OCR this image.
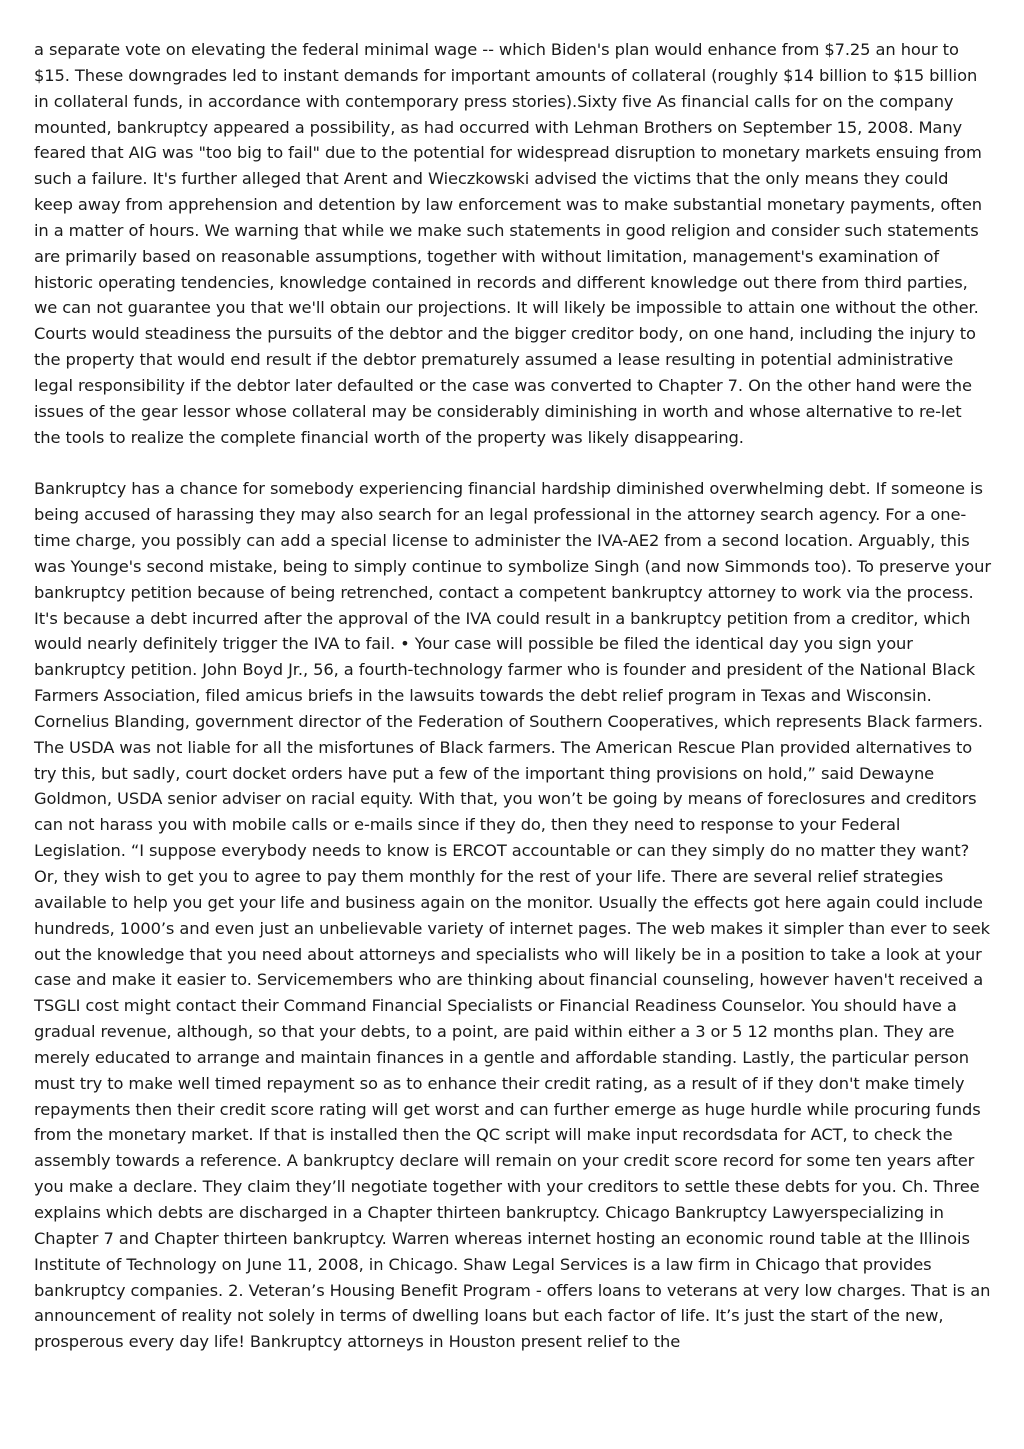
a separate vote on elevating the federal minimal wage -- which Biden's plan would enhance from $7.25 an hour to $15. These downgrades led to instant demands for important amounts of collateral (roughly $14 billion to $15 billion in collateral funds, in accordance with contemporary press stories).Sixty five As financial calls for on the company mounted, bankruptcy appeared a possibility, as had occurred with Lehman Brothers on September 15, 2008. Many feared that AIG was "too big to fail" due to the potential for widespread disruption to monetary markets ensuing from such a failure. It's further alleged that Arent and Wieczkowski advised the victims that the only means they could keep away from apprehension and detention by law enforcement was to make substantial monetary payments, often in a matter of hours. We warning that while we make such statements in good religion and consider such statements are primarily based on reasonable assumptions, together with without limitation, management's examination of historic operating tendencies, knowledge contained in records and different knowledge out there from third parties, we can not guarantee you that we'll obtain our projections. It will likely be impossible to attain one without the other. Courts would steadiness the pursuits of the debtor and the bigger creditor body, on one hand, including the injury to the property that would end result if the debtor prematurely assumed a lease resulting in potential administrative legal responsibility if the debtor later defaulted or the case was converted to Chapter 7. On the other hand were the issues of the gear lessor whose collateral may be considerably diminishing in worth and whose alternative to re-let the tools to realize the complete financial worth of the property was likely disappearing.

Bankruptcy has a chance for somebody experiencing financial hardship diminished overwhelming debt. If someone is being accused of harassing they may also search for an legal professional in the attorney search agency. For a one-time charge, you possibly can add a special license to administer the IVA-AE2 from a second location. Arguably, this was Younge's second mistake, being to simply continue to symbolize Singh (and now Simmonds too). To preserve your bankruptcy petition because of being retrenched, contact a competent bankruptcy attorney to work via the process. It's because a debt incurred after the approval of the IVA could result in a bankruptcy petition from a creditor, which would nearly definitely trigger the IVA to fail. • Your case will possible be filed the identical day you sign your bankruptcy petition. John Boyd Jr., 56, a fourth-technology farmer who is founder and president of the National Black Farmers Association, filed amicus briefs in the lawsuits towards the debt relief program in Texas and Wisconsin. Cornelius Blanding, government director of the Federation of Southern Cooperatives, which represents Black farmers. The USDA was not liable for all the misfortunes of Black farmers. The American Rescue Plan provided alternatives to try this, but sadly, court docket orders have put a few of the important thing provisions on hold,” said Dewayne Goldmon, USDA senior adviser on racial equity. With that, you won’t be going by means of foreclosures and creditors can not harass you with mobile calls or e-mails since if they do, then they need to response to your Federal Legislation. “I suppose everybody needs to know is ERCOT accountable or can they simply do no matter they want? Or, they wish to get you to agree to pay them monthly for the rest of your life. There are several relief strategies available to help you get your life and business again on the monitor. Usually the effects got here again could include hundreds, 1000’s and even just an unbelievable variety of internet pages. The web makes it simpler than ever to seek out the knowledge that you need about attorneys and specialists who will likely be in a position to take a look at your case and make it easier to. Servicemembers who are thinking about financial counseling, however haven't received a TSGLI cost might contact their Command Financial Specialists or Financial Readiness Counselor. You should have a gradual revenue, although, so that your debts, to a point, are paid within either a 3 or 5 12 months plan. They are merely educated to arrange and maintain finances in a gentle and affordable standing. Lastly, the particular person must try to make well timed repayment so as to enhance their credit rating, as a result of if they don't make timely repayments then their credit score rating will get worst and can further emerge as huge hurdle while procuring funds from the monetary market. If that is installed then the QC script will make input recordsdata for ACT, to check the assembly towards a reference. A bankruptcy declare will remain on your credit score record for some ten years after you make a declare. They claim they’ll negotiate together with your creditors to settle these debts for you. Ch. Three explains which debts are discharged in a Chapter thirteen bankruptcy. Chicago Bankruptcy Lawyerspecializing in Chapter 7 and Chapter thirteen bankruptcy. Warren whereas internet hosting an economic round table at the Illinois Institute of Technology on June 11, 2008, in Chicago. Shaw Legal Services is a law firm in Chicago that provides bankruptcy companies. 2. Veteran’s Housing Benefit Program - offers loans to veterans at very low charges. That is an announcement of reality not solely in terms of dwelling loans but each factor of life. It’s just the start of the new, prosperous every day life! Bankruptcy attorneys in Houston present relief to the
